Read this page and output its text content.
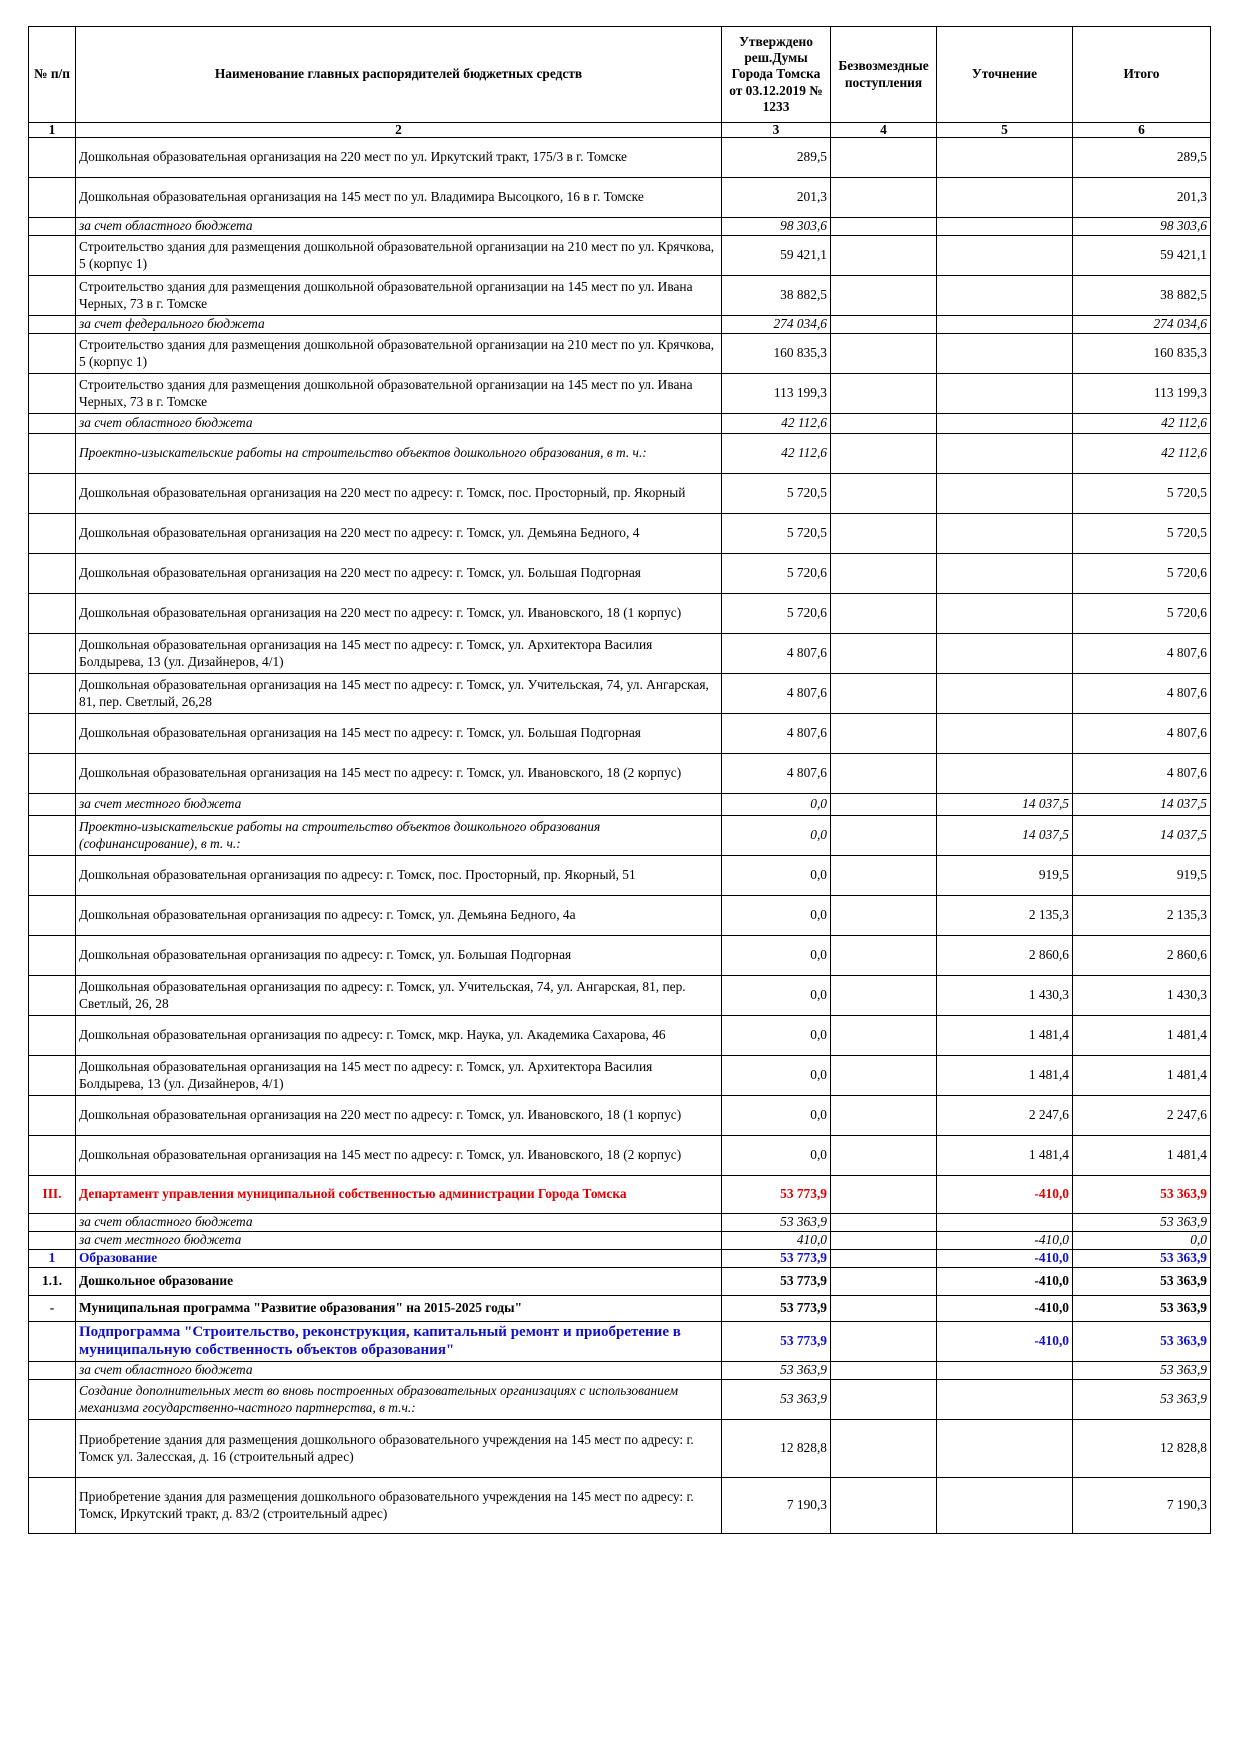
№ п/п	Наименование главных распорядителей бюджетных средств	Утверждено реш.Думы Города Томска от 03.12.2019 № 1233	Безвозмездные поступления	Уточнение	Итого
1	2	3	4	5	6
	Дошкольная образовательная организация на 220 мест по ул. Иркутский тракт, 175/3 в г. Томске	289,5			289,5
	Дошкольная образовательная организация на 145 мест по ул. Владимира Высоцкого, 16 в г. Томске	201,3			201,3
	за счет областного бюджета	98 303,6			98 303,6
	Строительство здания для размещения дошкольной образовательной организации на 210 мест по ул. Крячкова, 5 (корпус 1)	59 421,1			59 421,1
	Строительство здания для размещения дошкольной образовательной организации на 145 мест по ул. Ивана Черных, 73 в г. Томске	38 882,5			38 882,5
	за счет федерального бюджета	274 034,6			274 034,6
	Строительство здания для размещения дошкольной образовательной организации на 210 мест по ул. Крячкова, 5 (корпус 1)	160 835,3			160 835,3
	Строительство здания для размещения дошкольной образовательной организации на 145 мест по ул. Ивана Черных, 73 в г. Томске	113 199,3			113 199,3
	за счет областного бюджета	42 112,6			42 112,6
	Проектно-изыскательские работы на строительство объектов дошкольного образования, в т. ч.:	42 112,6			42 112,6
	Дошкольная образовательная организация на 220 мест по адресу: г. Томск, пос. Просторный, пр. Якорный	5 720,5			5 720,5
	Дошкольная образовательная организация на 220 мест по адресу: г. Томск, ул. Демьяна Бедного, 4	5 720,5			5 720,5
	Дошкольная образовательная организация на 220 мест по адресу: г. Томск, ул. Большая Подгорная	5 720,6			5 720,6
	Дошкольная образовательная организация на 220 мест по адресу: г. Томск, ул. Ивановского, 18 (1 корпус)	5 720,6			5 720,6
	Дошкольная образовательная организация на 145 мест по адресу: г. Томск, ул. Архитектора Василия Болдырева, 13 (ул. Дизайнеров, 4/1)	4 807,6			4 807,6
	Дошкольная образовательная организация на 145 мест по адресу: г. Томск, ул. Учительская, 74, ул. Ангарская, 81, пер. Светлый, 26,28	4 807,6			4 807,6
	Дошкольная образовательная организация на 145 мест по адресу: г. Томск, ул. Большая Подгорная	4 807,6			4 807,6
	Дошкольная образовательная организация на 145 мест по адресу: г. Томск, ул. Ивановского, 18 (2 корпус)	4 807,6			4 807,6
	за счет местного бюджета	0,0		14 037,5	14 037,5
	Проектно-изыскательские работы на строительство объектов дошкольного образования (софинансирование), в т. ч.:	0,0		14 037,5	14 037,5
	Дошкольная образовательная организация по адресу: г. Томск, пос. Просторный, пр. Якорный, 51	0,0		919,5	919,5
	Дошкольная образовательная организация по адресу: г. Томск, ул. Демьяна Бедного, 4а	0,0		2 135,3	2 135,3
	Дошкольная образовательная организация по адресу: г. Томск, ул. Большая Подгорная	0,0		2 860,6	2 860,6
	Дошкольная образовательная организация по адресу: г. Томск, ул. Учительская, 74, ул. Ангарская, 81, пер. Светлый, 26, 28	0,0		1 430,3	1 430,3
	Дошкольная образовательная организация по адресу: г. Томск, мкр. Наука, ул. Академика Сахарова, 46	0,0		1 481,4	1 481,4
	Дошкольная образовательная организация на 145 мест по адресу: г. Томск, ул. Архитектора Василия Болдырева, 13 (ул. Дизайнеров, 4/1)	0,0		1 481,4	1 481,4
	Дошкольная образовательная организация на 220 мест по адресу: г. Томск, ул. Ивановского, 18 (1 корпус)	0,0		2 247,6	2 247,6
	Дошкольная образовательная организация на 145 мест по адресу: г. Томск, ул. Ивановского, 18 (2 корпус)	0,0		1 481,4	1 481,4
III.	Департамент управления муниципальной собственностью администрации Города Томска	53 773,9		-410,0	53 363,9
	за счет областного бюджета	53 363,9			53 363,9
	за счет местного бюджета	410,0		-410,0	0,0
1	Образование	53 773,9		-410,0	53 363,9
1.1.	Дошкольное образование	53 773,9		-410,0	53 363,9
-	Муниципальная программа "Развитие образования" на 2015-2025 годы"	53 773,9		-410,0	53 363,9
	Подпрограмма "Строительство, реконструкция, капитальный ремонт и приобретение в муниципальную собственность объектов образования"	53 773,9		-410,0	53 363,9
	за счет областного бюджета	53 363,9			53 363,9
	Создание дополнительных мест во вновь построенных образовательных организациях с использованием механизма государственно-частного партнерства, в т.ч.:	53 363,9			53 363,9
	Приобретение здания для размещения дошкольного образовательного учреждения на 145 мест по адресу: г. Томск ул. Залесская, д. 16 (строительный адрес)	12 828,8			12 828,8
	Приобретение здания для размещения дошкольного образовательного учреждения на 145 мест по адресу: г. Томск, Иркутский тракт, д. 83/2 (строительный адрес)	7 190,3			7 190,3
